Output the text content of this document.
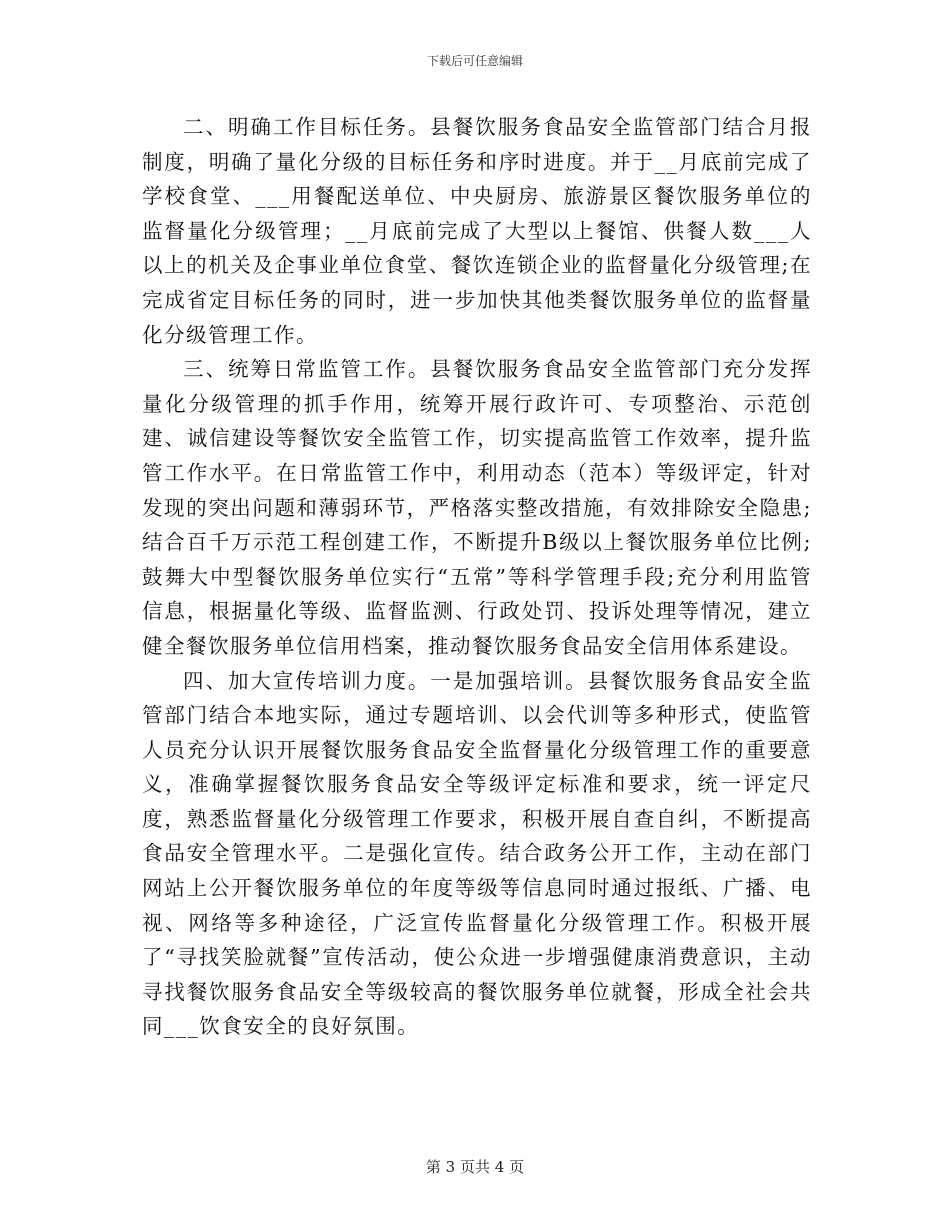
下载后可任意编辑

二、明确工作目标任务。县餐饮服务食品安全监管部门结合月报制度，明确了量化分级的目标任务和序时进度。并于__月底前完成了学校食堂、___用餐配送单位、中央厨房、旅游景区餐饮服务单位的监督量化分级管理；__月底前完成了大型以上餐馆、供餐人数___人以上的机关及企事业单位食堂、餐饮连锁企业的监督量化分级管理;在完成省定目标任务的同时，进一步加快其他类餐饮服务单位的监督量化分级管理工作。

三、统筹日常监管工作。县餐饮服务食品安全监管部门充分发挥量化分级管理的抓手作用，统筹开展行政许可、专项整治、示范创建、诚信建设等餐饮安全监管工作，切实提高监管工作效率，提升监管工作水平。在日常监管工作中，利用动态（范本）等级评定，针对发现的突出问题和薄弱环节，严格落实整改措施，有效排除安全隐患;结合百千万示范工程创建工作，不断提升B级以上餐饮服务单位比例;鼓舞大中型餐饮服务单位实行“五常”等科学管理手段;充分利用监管信息，根据量化等级、监督监测、行政处罚、投诉处理等情况，建立健全餐饮服务单位信用档案，推动餐饮服务食品安全信用体系建设。

四、加大宣传培训力度。一是加强培训。县餐饮服务食品安全监管部门结合本地实际，通过专题培训、以会代训等多种形式，使监管人员充分认识开展餐饮服务食品安全监督量化分级管理工作的重要意义，准确掌握餐饮服务食品安全等级评定标准和要求，统一评定尺度，熟悉监督量化分级管理工作要求，积极开展自查自纠，不断提高食品安全管理水平。二是强化宣传。结合政务公开工作，主动在部门网站上公开餐饮服务单位的年度等级等信息同时通过报纸、广播、电视、网络等多种途径，广泛宣传监督量化分级管理工作。积极开展了“寻找笑脸就餐”宣传活动，使公众进一步增强健康消费意识，主动寻找餐饮服务食品安全等级较高的餐饮服务单位就餐，形成全社会共同___饮食安全的良好氛围。

第 3 页共 4 页
